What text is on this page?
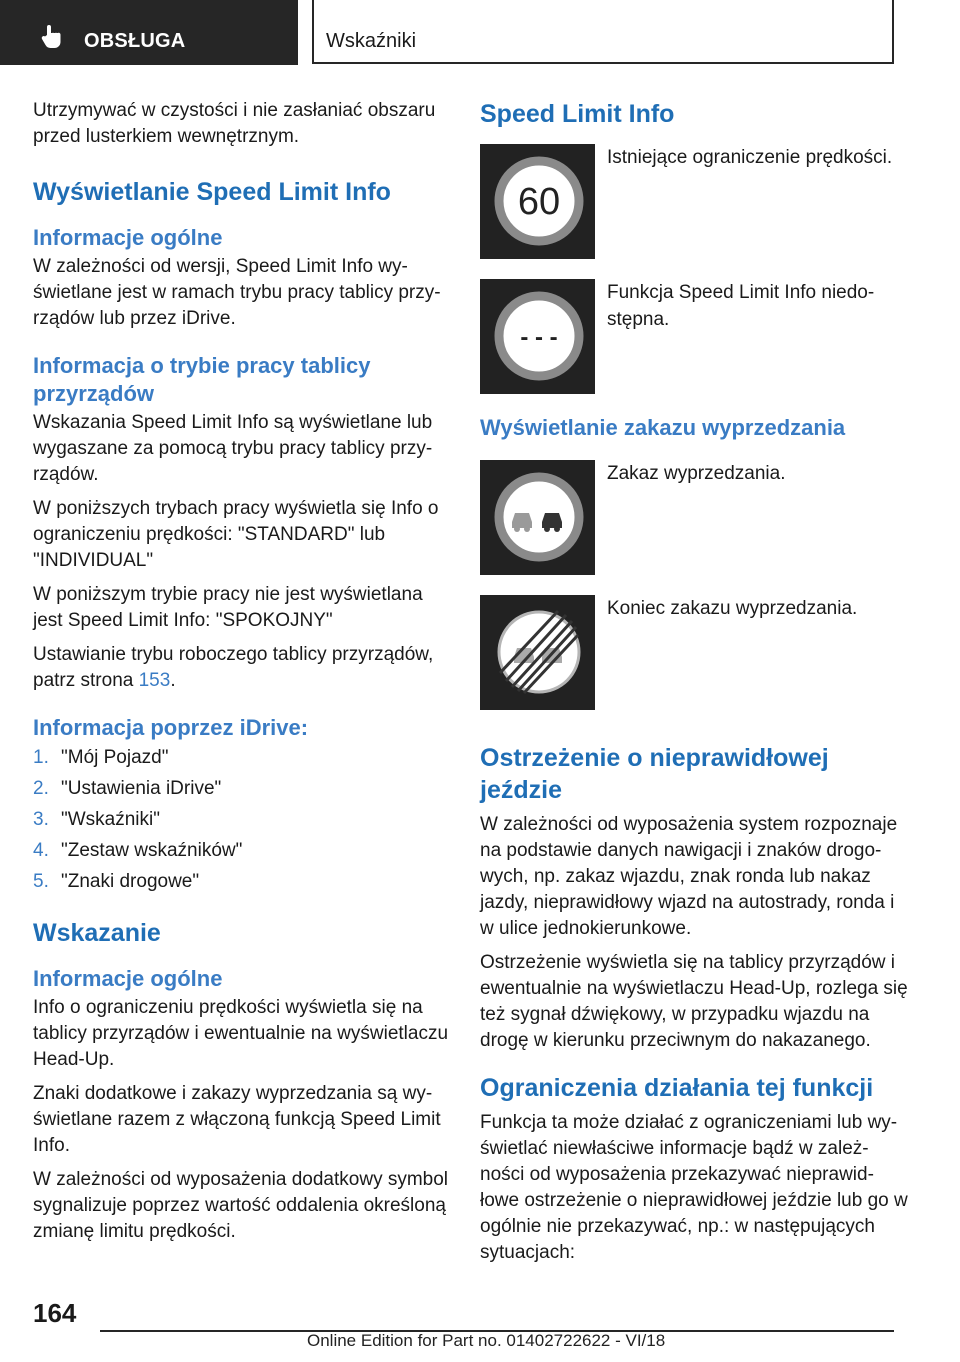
OBSŁUGA	Wskaźniki

Utrzymywać w czystości i nie zasłaniać obszaru przed lusterkiem wewnętrznym.

Wyświetlanie Speed Limit Info
Informacje ogólne

W zależności od wersji, Speed Limit Info wy-świetlane jest w ramach trybu pracy tablicy przy-rządów lub przez iDrive.

Informacja o trybie pracy tablicy przyrządów

Wskazania Speed Limit Info są wyświetlane lub wygaszane za pomocą trybu pracy tablicy przy-rządów.

W poniższych trybach pracy wyświetla się Info o ograniczeniu prędkości: "STANDARD" lub "INDIVIDUAL"

W poniższym trybie pracy nie jest wyświetlana jest Speed Limit Info: "SPOKOJNY"

Ustawianie trybu roboczego tablicy przyrządów, patrz strona 153.

Informacja poprzez iDrive:
1. "Mój Pojazd"
2. "Ustawienia iDrive"
3. "Wskaźniki"
4. "Zestaw wskaźników"
5. "Znaki drogowe"
Wskazanie
Informacje ogólne

Info o ograniczeniu prędkości wyświetla się na tablicy przyrządów i ewentualnie na wyświetlaczu Head-Up.

Znaki dodatkowe i zakazy wyprzedzania są wy-świetlane razem z włączoną funkcją Speed Limit Info.

W zależności od wyposażenia dodatkowy symbol sygnalizuje poprzez wartość oddalenia określoną zmianę limitu prędkości.

Speed Limit Info
60
Istniejące ograniczenie prędkości.
- - -
Funkcja Speed Limit Info niedo-stępna.
Wyświetlanie zakazu wyprzedzania
Zakaz wyprzedzania.
Koniec zakazu wyprzedzania.
Ostrzeżenie o nieprawidłowej jeździe

W zależności od wyposażenia system rozpoznaje na podstawie danych nawigacji i znaków drogo-wych, np. zakaz wjazdu, znak ronda lub nakaz jazdy, nieprawidłowy wjazd na autostrady, ronda i w ulice jednokierunkowe.

Ostrzeżenie wyświetla się na tablicy przyrządów i ewentualnie na wyświetlaczu Head-Up, rozlega się też sygnał dźwiękowy, w przypadku wjazdu na drogę w kierunku przeciwnym do nakazanego.

Ograniczenia działania tej funkcji

Funkcja ta może działać z ograniczeniami lub wy-świetlać niewłaściwe informacje bądź w zależ-ności od wyposażenia przekazywać nieprawid-łowe ostrzeżenie o nieprawidłowej jeździe lub go w ogólnie nie przekazywać, np.: w następujących sytuacjach:

164
Online Edition for Part no. 01402722622 - VI/18
